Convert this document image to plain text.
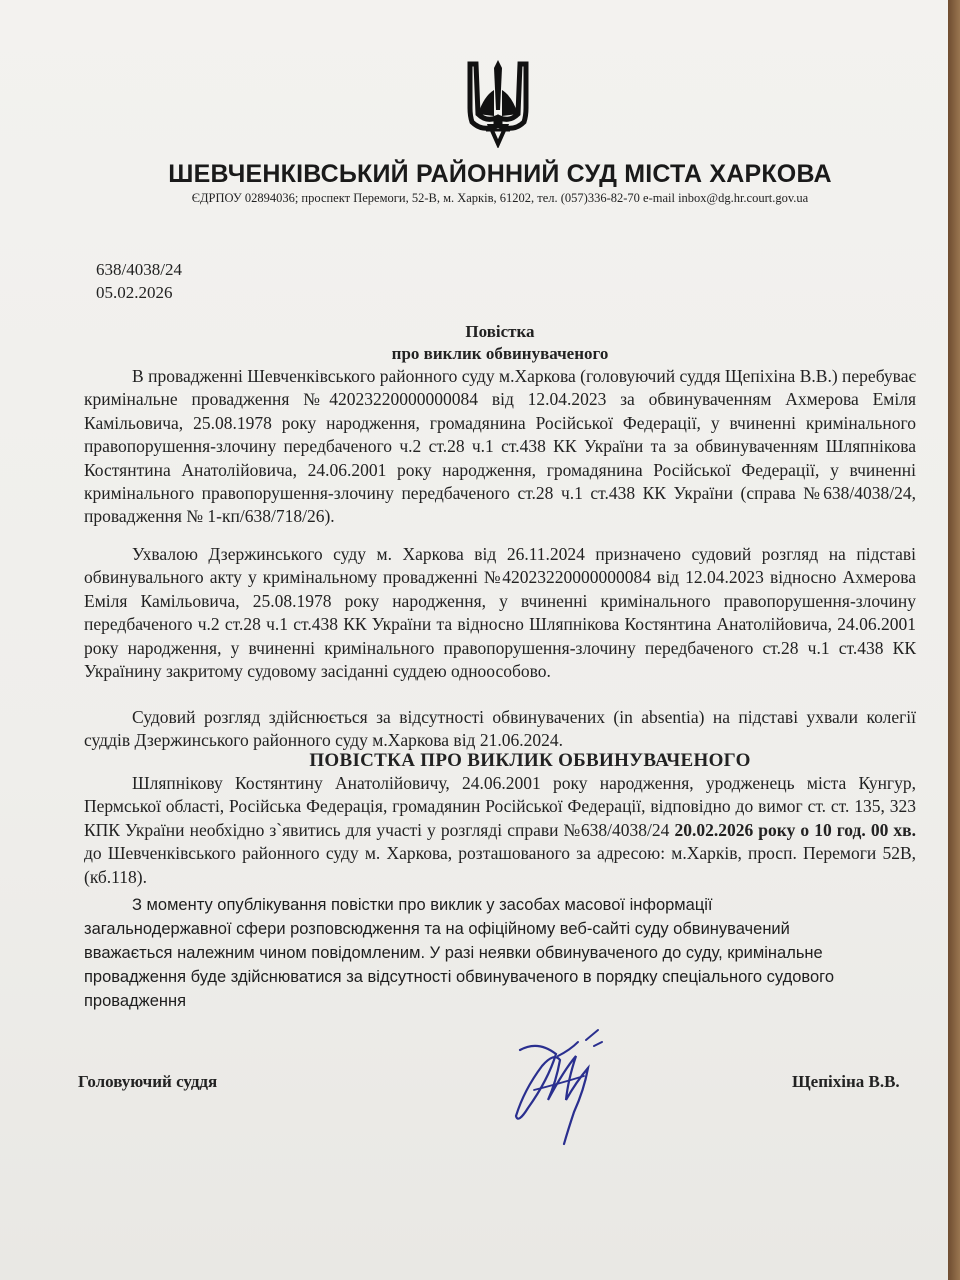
ШЕВЧЕНКІВСЬКИЙ РАЙОННИЙ СУД МІСТА ХАРКОВА
ЄДРПОУ 02894036; проспект Перемоги, 52-В, м. Харків, 61202, тел. (057)336-82-70 e-mail inbox@dg.hr.court.gov.ua
638/4038/24
05.02.2026
Повістка
про виклик обвинуваченого
В провадженні Шевченківського районного суду м.Харкова (головуючий суддя Щепіхіна В.В.) перебуває кримінальне провадження №42023220000000084 від 12.04.2023 за обвинуваченням Ахмерова Еміля Камільовича, 25.08.1978 року народження, громадянина Російської Федерації, у вчиненні кримінального правопорушення-злочину передбаченого ч.2 ст.28 ч.1 ст.438 КК України та за обвинуваченням Шляпнікова Костянтина Анатолійовича, 24.06.2001 року народження, громадянина Російської Федерації, у вчиненні кримінального правопорушення-злочину передбаченого ст.28 ч.1 ст.438 КК України (справа №638/4038/24, провадження № 1-кп/638/718/26).
Ухвалою Дзержинського суду м. Харкова від 26.11.2024 призначено судовий розгляд на підставі обвинувального акту у кримінальному провадженні №42023220000000084 від 12.04.2023 відносно Ахмерова Еміля Камільовича, 25.08.1978 року народження, у вчиненні кримінального правопорушення-злочину передбаченого ч.2 ст.28 ч.1 ст.438 КК України та відносно Шляпнікова Костянтина Анатолійовича, 24.06.2001 року народження, у вчиненні кримінального правопорушення-злочину передбаченого ст.28 ч.1 ст.438 КК Українину закритому судовому засіданні суддею одноособово.
Судовий розгляд здійснюється за відсутності обвинувачених (in absentia) на підставі ухвали колегії суддів Дзержинського районного суду м.Харкова від 21.06.2024.
ПОВІСТКА ПРО ВИКЛИК ОБВИНУВАЧЕНОГО
Шляпнікову Костянтину Анатолійовичу, 24.06.2001 року народження, уродженець міста Кунгур, Пермської області, Російська Федерація, громадянин Російської Федерації, відповідно до вимог ст. ст. 135, 323 КПК України необхідно з`явитись для участі у розгляді справи №638/4038/24 20.02.2026 року о 10 год. 00 хв. до Шевченківського районного суду м. Харкова, розташованого за адресою: м.Харків, просп. Перемоги 52В, (кб.118).
З моменту опублікування повістки про виклик у засобах масової інформації
загальнодержавної сфери розповсюдження та на офіційному веб-сайті суду обвинувачений
вважається належним чином повідомленим. У разі неявки обвинуваченого до суду, кримінальне
провадження буде здійснюватися за відсутності обвинуваченого в порядку спеціального судового
провадження
Головуючий суддя	Щепіхіна В.В.
